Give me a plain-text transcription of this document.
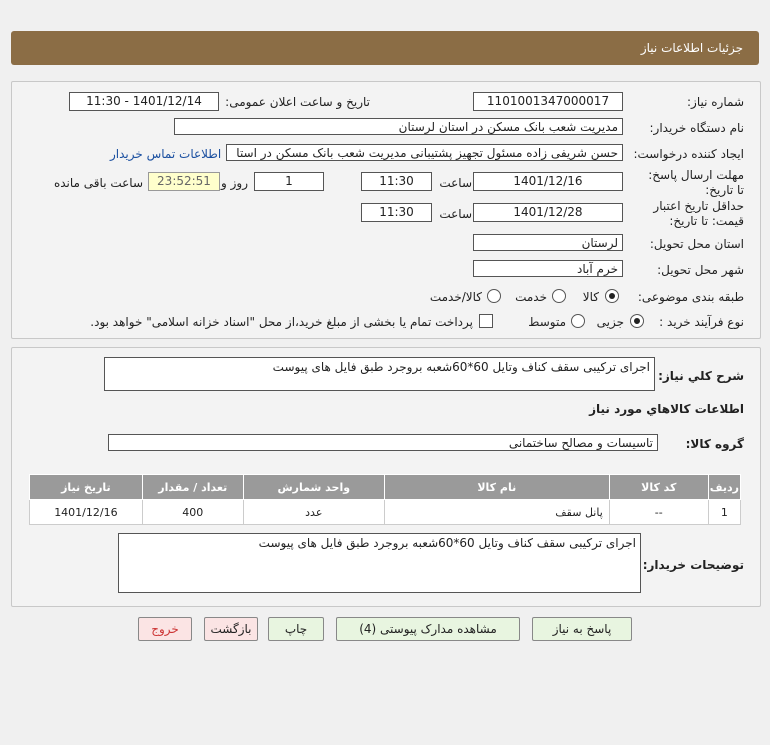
جزئیات اطلاعات نیاز
شماره نیاز:
1101001347000017
تاریخ و ساعت اعلان عمومی:
1401/12/14 - 11:30
نام دستگاه خریدار:
مدیریت شعب بانک مسکن در استان لرستان
ایجاد کننده درخواست:
حسن شریفی زاده مسئول تجهیز پشتیبانی مدیریت شعب بانک مسکن در استا
اطلاعات تماس خریدار
مهلت ارسال پاسخ: تا تاریخ:
1401/12/16
ساعت
11:30
1
روز و
23:52:51
ساعت باقی مانده
حداقل تاریخ اعتبار قیمت: تا تاریخ:
1401/12/28
ساعت
11:30
استان محل تحویل:
لرستان
شهر محل تحویل:
خرم آباد
طبقه بندی موضوعی:
کالا
خدمت
کالا/خدمت
نوع فرآیند خرید :
جزیی
متوسط
پرداخت تمام یا بخشی از مبلغ خرید،از محل "اسناد خزانه اسلامی" خواهد بود.
شرح کلي نياز:
اجرای ترکیبی سقف کناف وتایل 60*60شعبه بروجرد طبق فایل های پیوست
اطلاعات کالاهاي مورد نياز
گروه کالا:
تاسیسات و مصالح ساختمانی
ردیف	کد کالا	نام کالا	واحد شمارش	تعداد / مقدار	تاریخ نیاز
1	--	پانل سقف	عدد	400	1401/12/16
توضیحات خریدار:
اجرای ترکیبی سقف کناف وتایل 60*60شعبه بروجرد طبق فایل های پیوست
پاسخ به نیاز
مشاهده مدارک پیوستی (4)
چاپ
بازگشت
خروج
